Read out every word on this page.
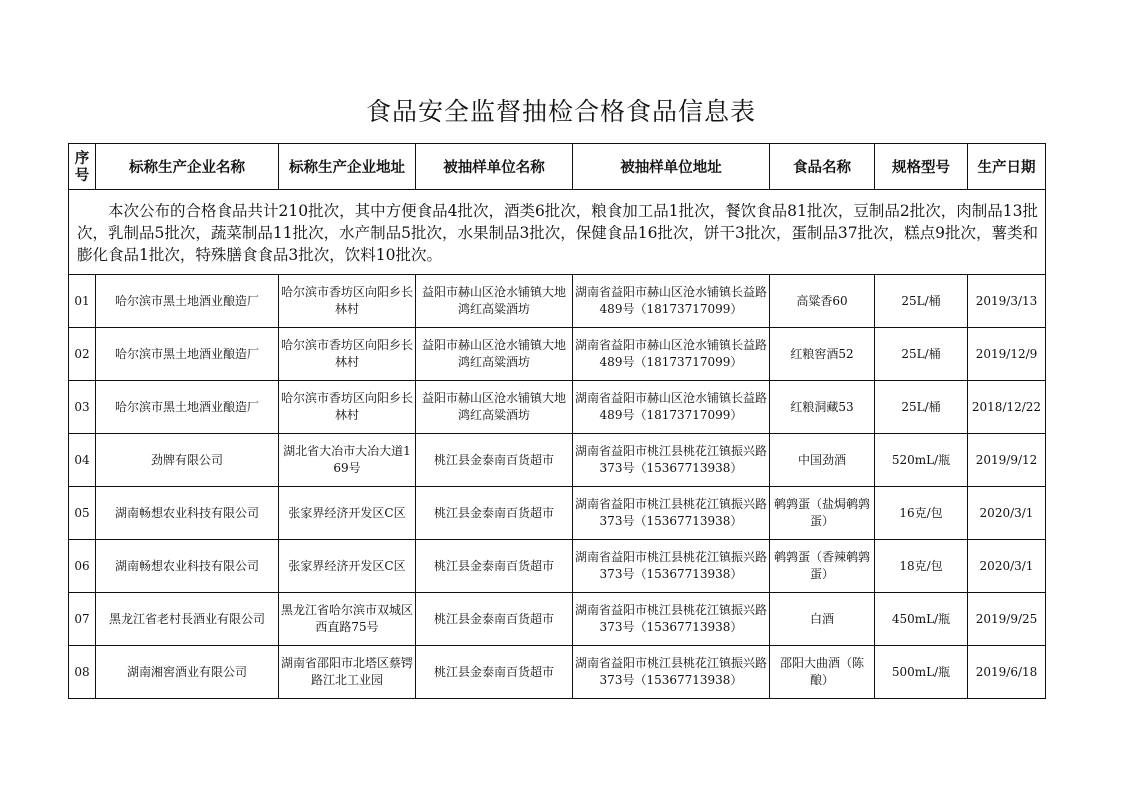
食品安全监督抽检合格食品信息表
本次公布的合格食品共计210批次，其中方便食品4批次，酒类6批次，粮食加工品1批次，餐饮食品81批次，豆制品2批次，肉制品13批次，乳制品5批次，蔬菜制品11批次，水产制品5批次，水果制品3批次，保健食品16批次，饼干3批次，蛋制品37批次，糕点9批次，薯类和膨化食品1批次，特殊膳食食品3批次，饮料10批次。							

序号	标称生产企业名称	标称生产企业地址	被抽样单位名称	被抽样单位地址	食品名称	规格型号	生产日期
01	哈尔滨市黑土地酒业酿造厂	哈尔滨市香坊区向阳乡长林村	益阳市赫山区沧水铺镇大地鸿红高粱酒坊	湖南省益阳市赫山区沧水铺镇长益路489号（18173717099）	高粱香60	25L/桶	2019/3/13
02	哈尔滨市黑土地酒业酿造厂	哈尔滨市香坊区向阳乡长林村	益阳市赫山区沧水铺镇大地鸿红高粱酒坊	湖南省益阳市赫山区沧水铺镇长益路489号（18173717099）	红粮窖酒52	25L/桶	2019/12/9
03	哈尔滨市黑土地酒业酿造厂	哈尔滨市香坊区向阳乡长林村	益阳市赫山区沧水铺镇大地鸿红高粱酒坊	湖南省益阳市赫山区沧水铺镇长益路489号（18173717099）	红粮洞藏53	25L/桶	2018/12/22
04	劲牌有限公司	湖北省大冶市大冶大道169号	桃江县金泰南百货超市	湖南省益阳市桃江县桃花江镇振兴路373号（15367713938）	中国劲酒	520mL/瓶	2019/9/12
05	湖南畅想农业科技有限公司	张家界经济开发区C区	桃江县金泰南百货超市	湖南省益阳市桃江县桃花江镇振兴路373号（15367713938）	鹌鹑蛋（盐焗鹌鹑蛋）	16克/包	2020/3/1
06	湖南畅想农业科技有限公司	张家界经济开发区C区	桃江县金泰南百货超市	湖南省益阳市桃江县桃花江镇振兴路373号（15367713938）	鹌鹑蛋（香辣鹌鹑蛋）	18克/包	2020/3/1
07	黑龙江省老村長酒业有限公司	黑龙江省哈尔滨市双城区西直路75号	桃江县金泰南百货超市	湖南省益阳市桃江县桃花江镇振兴路373号（15367713938）	白酒	450mL/瓶	2019/9/25
08	湖南湘窖酒业有限公司	湖南省邵阳市北塔区蔡锷路江北工业园	桃江县金泰南百货超市	湖南省益阳市桃江县桃花江镇振兴路373号（15367713938）	邵阳大曲酒（陈酿）	500mL/瓶	2019/6/18
